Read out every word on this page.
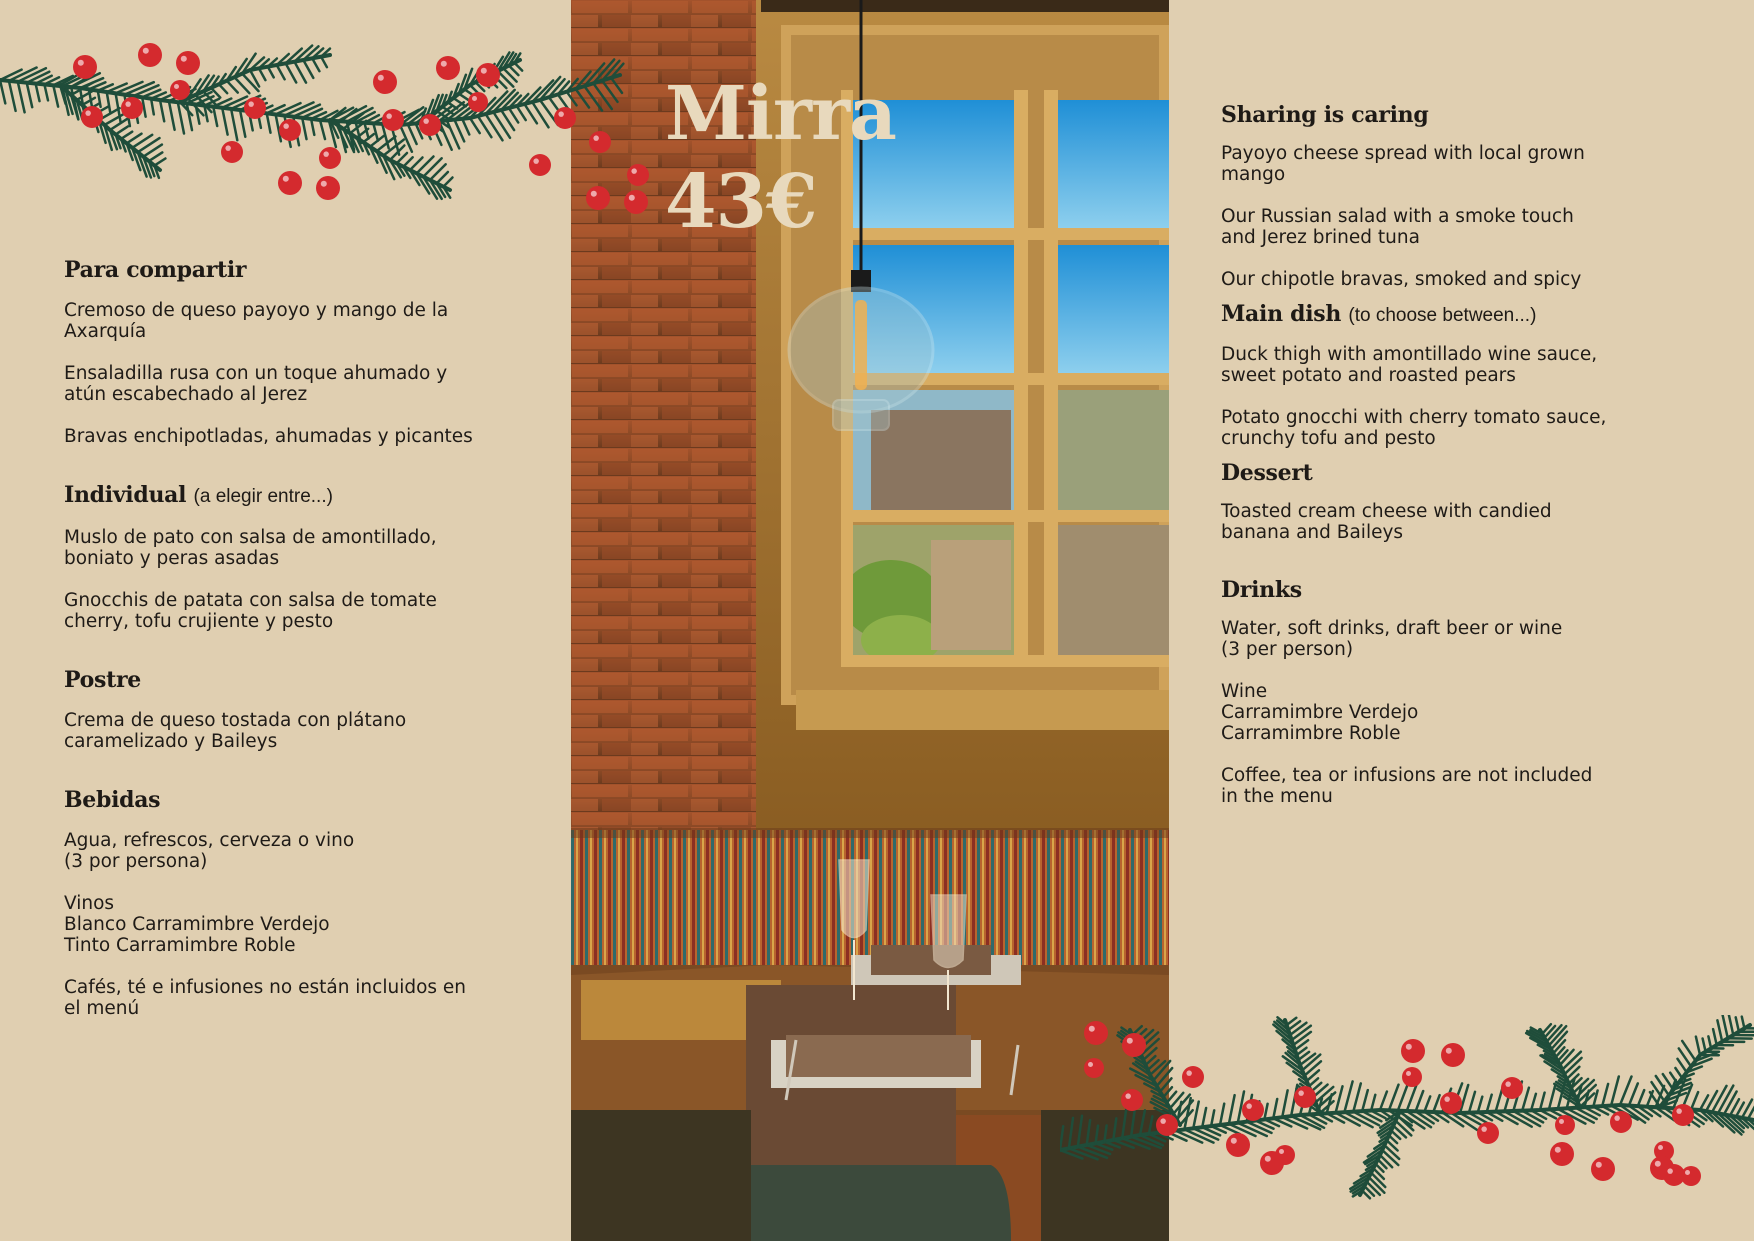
Mirra
43€
Para compartir
Cremoso de queso payoyo y mango de la
Axarquía
Ensaladilla rusa con un toque ahumado y
atún escabechado al Jerez
Bravas enchipotladas, ahumadas y picantes
Individual (a elegir entre...)
Muslo de pato con salsa de amontillado,
boniato y peras asadas
Gnocchis de patata con salsa de tomate
cherry, tofu crujiente y pesto
Postre
Crema de queso tostada con plátano
caramelizado y Baileys
Bebidas
Agua, refrescos, cerveza o vino
(3 por persona)
Vinos
Blanco Carramimbre Verdejo
Tinto Carramimbre Roble
Cafés, té e infusiones no están incluidos en
el menú
Sharing is caring
Payoyo cheese spread with local grown
mango
Our Russian salad with a smoke touch
and Jerez brined tuna
Our chipotle bravas, smoked and spicy
Main dish (to choose between...)
Duck thigh with amontillado wine sauce,
sweet potato and roasted pears
Potato gnocchi with cherry tomato sauce,
crunchy tofu and pesto
Dessert
Toasted cream cheese with candied
banana and Baileys
Drinks
Water, soft drinks, draft beer or wine
(3 per person)
Wine
Carramimbre Verdejo
Carramimbre Roble
Coffee, tea or infusions are not included
in the menu
